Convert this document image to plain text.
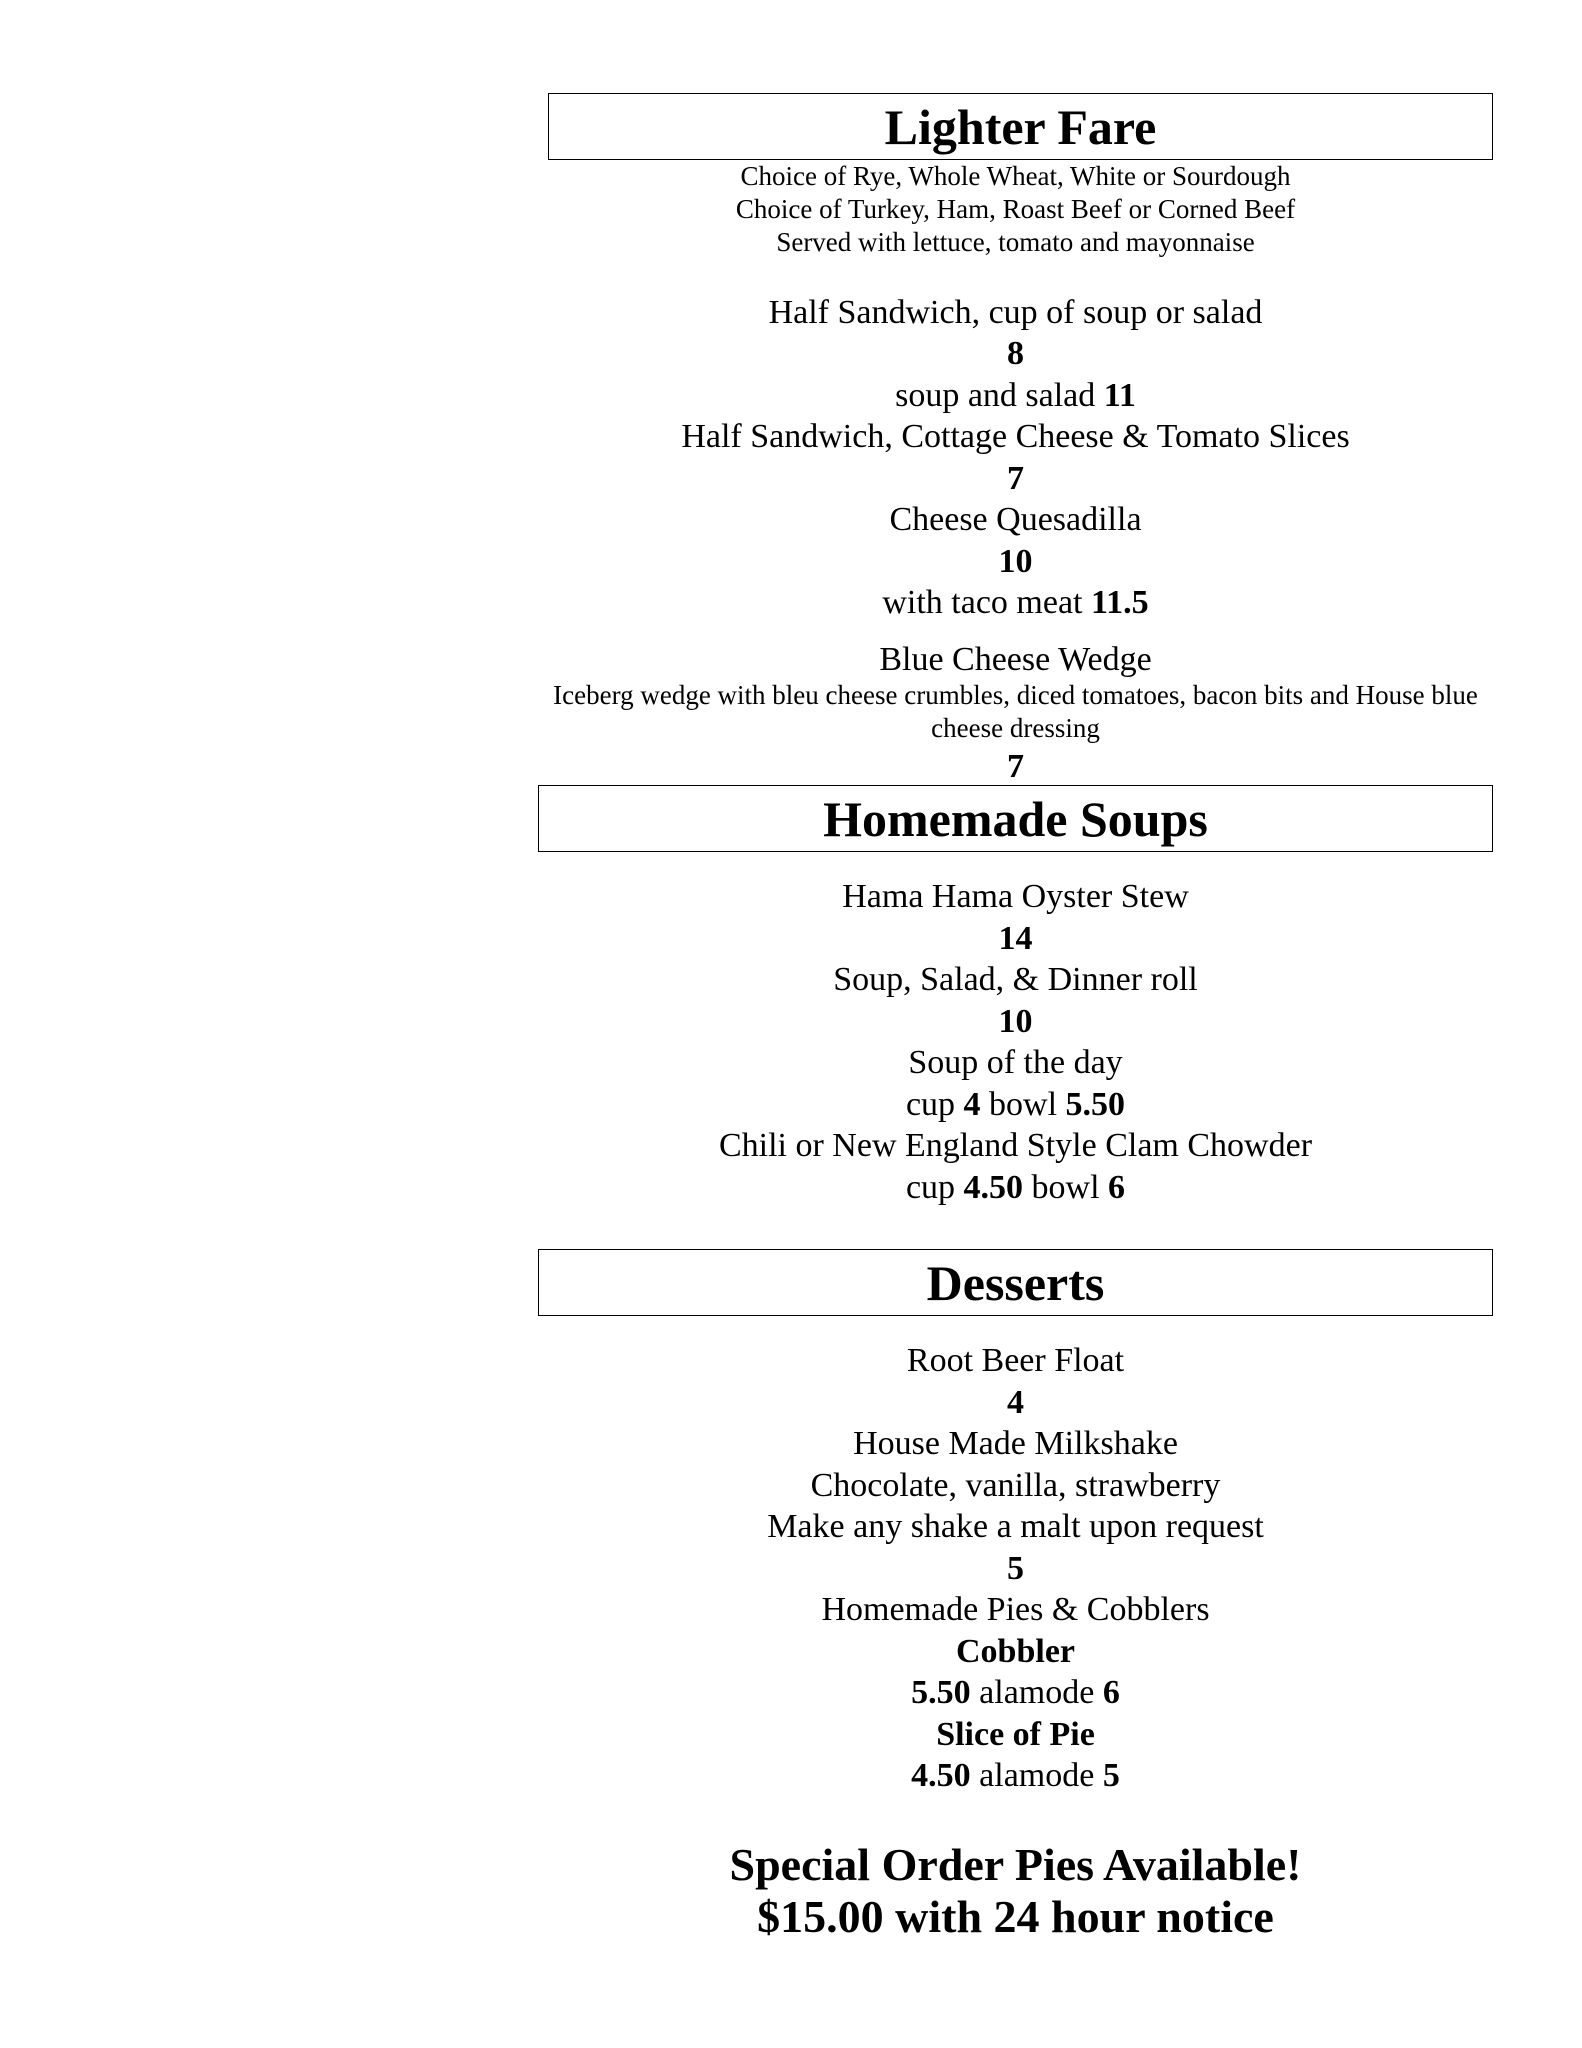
Lighter Fare
Choice of Rye, Whole Wheat, White or Sourdough
Choice of Turkey, Ham, Roast Beef or Corned Beef
Served with lettuce, tomato and mayonnaise
Half Sandwich, cup of soup or salad
8
soup and salad 11
Half Sandwich, Cottage Cheese & Tomato Slices
7
Cheese Quesadilla
10
with taco meat 11.5
Blue Cheese Wedge
Iceberg wedge with bleu cheese crumbles, diced tomatoes, bacon bits and House blue cheese dressing
7
Homemade Soups
Hama Hama Oyster Stew
14
Soup, Salad, & Dinner roll
10
Soup of the day
cup 4 bowl 5.50
Chili or New England Style Clam Chowder
cup 4.50 bowl 6
Desserts
Root Beer Float
4
House Made Milkshake
Chocolate, vanilla, strawberry
Make any shake a malt upon request
5
Homemade Pies & Cobblers
Cobbler
5.50 alamode 6
Slice of Pie
4.50 alamode 5
Special Order Pies Available!
$15.00 with 24 hour notice
